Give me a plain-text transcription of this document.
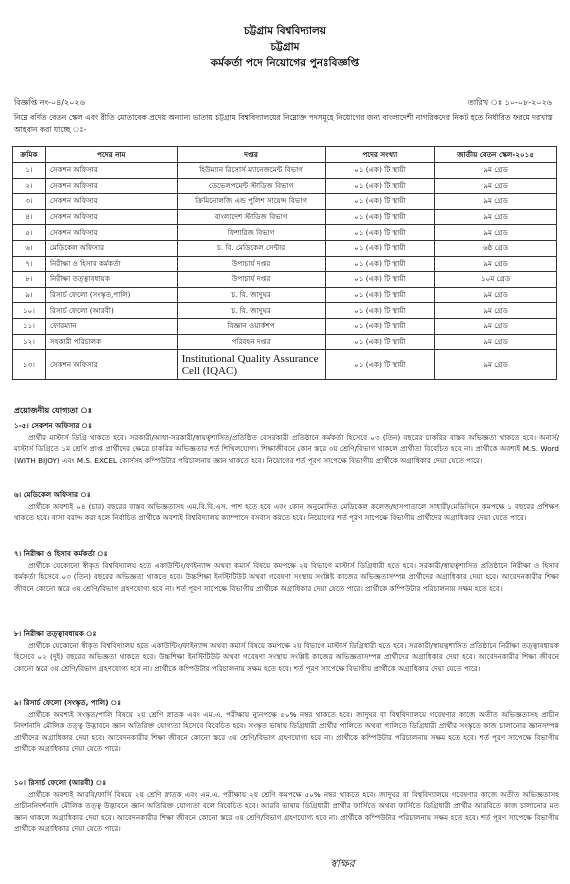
চট্টগ্রাম বিশ্ববিদ্যালয়
চট্টগ্রাম
কর্মকর্তা পদে নিয়োগের পুনঃবিজ্ঞপ্তি
বিজ্ঞপ্তি নং-০৪/২০২৬	তারিখ ঃ ১০-০৮-২০২৬
নিম্নে বর্ণিত বেতন স্কেল এবং রীতি মোতাবেক প্রদেয় অন্যান্য ভাতায় চট্টগ্রাম বিশ্ববিদ্যালয়ের নিম্নোক্ত পদসমূহে নিয়োগের জন্য বাংলাদেশী নাগরিকদের নিকট হতে নির্ধারিত ফরমে দরখাস্ত আহবান করা যাচ্ছে ঃ-
ক্রমিক	পদের নাম	দপ্তর	পদের সংখ্যা	জাতীয় বেতন স্কেল-২০১৫
১।	সেকশন অফিসার	হিউম্যান রিসোর্স ম্যানেজমেন্ট বিভাগ	০১ (এক) টি স্থায়ী	৯ম গ্রেড
২।	সেকশন অফিসার	ডেভেলপমেন্ট স্টাডিজ বিভাগ	০১ (এক) টি স্থায়ী	৯ম গ্রেড
৩।	সেকশন অফিসার	ক্রিমিনোলজি এন্ড পুলিশ সায়েন্স বিভাগ	০১ (এক) টি স্থায়ী	৯ম গ্রেড
৪।	সেকশন অফিসার	বাংলাদেশ স্টাডিজ বিভাগ	০১ (এক) টি স্থায়ী	৯ম গ্রেড
৫।	সেকশন অফিসার	ফিশারিজ বিভাগ	০১ (এক) টি স্থায়ী	৯ম গ্রেড
৬।	মেডিকেল অফিসার	চ. বি. মেডিকেল সেন্টার	০১ (এক) টি স্থায়ী	৬ষ্ঠ গ্রেড
৭।	নিরীক্ষা ও হিসাব কর্মকর্তা	উপাচার্য দপ্তর	০১ (এক) টি স্থায়ী	৯ম গ্রেড
৮।	নিরীক্ষা তত্ত্বাবধায়ক	উপাচার্য দপ্তর	০১ (এক) টি স্থায়ী	১০ম গ্রেড
৯।	রিসার্চ ফেলো (সংস্কৃত,পালি)	চ. বি. জাদুঘর	০১ (এক) টি স্থায়ী	৯ম গ্রেড
১০।	রিসার্চ ফেলো (আরবী)	চ. বি. জাদুঘর	০১ (এক) টি স্থায়ী	৯ম গ্রেড
১১।	ফোরম্যান	বিজ্ঞান ওয়ার্কশপ	০১ (এক) টি স্থায়ী	৯ম গ্রেড
১২।	সহকারী পরিচালক	পরিবহন দপ্তর	০১ (এক) টি স্থায়ী	৯ম গ্রেড
১৩।	সেকশন অফিসার	Institutional Quality Assurance Cell (IQAC)	০১ (এক) টি স্থায়ী	৯ম গ্রেড
প্রয়োজনীয় যোগ্যতা ঃ
১-৫। সেকশন অফিসার ঃ

প্রার্থীর মাস্টার্স ডিগ্রি থাকতে হবে। সরকারী/আধা-সরকারী/স্বায়ত্বশাসিত/প্রতিষ্ঠিত বেসরকারী প্রতিষ্ঠানে কর্মকর্তা হিসেবে ০৩ (তিন) বছরের চাকরির বাস্তব অভিজ্ঞতা থাকতে হবে। অনার্স/মাস্টার্স ডিগ্রিতে ১ম শ্রেণি প্রাপ্ত প্রার্থীদের ক্ষেত্রে চাকরির অভিজ্ঞতার শর্ত শিথিলযোগ্য। শিক্ষাজীবনে কোন স্তরে ৩য় শ্রেণি/বিভাগ থাকলে প্রার্থীতা বিবেচিত হবে না। প্রার্থীকে অবশ্যই M.S. Word (WITH BIJOY) এবং M.S. EXCEL কোর্সসহ কম্পিউটার পরিচালনায় জ্ঞান থাকতে হবে। নিয়োগের শর্ত পূরণ সাপেক্ষে বিভাগীয় প্রার্থীকে অগ্রাধিকার দেয়া যেতে পারে।

৬। মেডিকেল অফিসার ঃ

প্রার্থীকে অবশ্যই ০৪ (চার) বছরের বাস্তব অভিজ্ঞতাসহ এম.বি.বি.এস. পাশ হতে হবে এবং কোন অনুমোদিত মেডিকেল কলেজ/হাসপাতালে সাধারী/মেডিসিনে কমপক্ষে ১ বছরের প্রশিক্ষণ থাকতে হবে। বাসা বরাদ্দ করা হলে নির্বাচিত প্রার্থীকে অবশ্যই বিশ্ববিদ্যালয় ক্যাম্পাসে বসবাস করতে হবে। নিয়োগের শর্ত পূরণ সাপেক্ষে বিভাগীয় প্রার্থীদের অগ্রাধিকার দেয়া যেতে পারে।

৭। নিরীক্ষা ও হিসাব কর্মকর্তা ঃ

প্রার্থীকে যেকোনো স্বীকৃত বিশ্ববিদ্যালয় হতে একাউন্টিং/ফাইন্যান্স অথবা কমার্স বিষয়ে কমপক্ষে ২য় বিভাগে মাস্টার্স ডিগ্রিধারী হতে হবে। সরকারী/স্বায়ত্বশাসিত প্রতিষ্ঠানে নিরীক্ষা ও হিসাব কর্মকর্তা হিসেবে ০৩ (তিন) বছরের অভিজ্ঞতা থাকতে হবে। উচ্চশিক্ষা ইনস্টিটিউট অথবা গবেষণা সংস্থায় সংশ্লিষ্ট কাজের অভিজ্ঞতাসম্পন্ন প্রার্থীদের অগ্রাধিকার দেয়া হবে। আবেদনকারীর শিক্ষা জীবনে কোনো স্তরে ৩য় শ্রেণি/বিভাগ গ্রহণযোগ্য হবে না। শর্ত পূরণ সাপেক্ষে বিভাগীয় প্রার্থীকে অগ্রাধিকার দেয়া যেতে পারে। প্রার্থীকে কম্পিউটার পরিচালনায় সক্ষম হতে হবে।

৮। নিরীক্ষা তত্ত্বাবধায়ক ঃ

প্রার্থীকে যেকোনো স্বীকৃত বিশ্ববিদ্যালয় হতে একাউন্টিং/ফাইন্যান্স অথবা কমার্স বিষয়ে কমপক্ষে ২য় বিভাগে মাস্টার্স ডিগ্রিধারী হতে হবে। সরকারী/স্বায়ত্বশাসিত প্রতিষ্ঠানে নিরীক্ষা তত্ত্বাবধায়ক হিসেবে ০২ (দুই) বছরের অভিজ্ঞতা থাকতে হবে। উচ্চশিক্ষা ইনস্টিটিউট অথবা গবেষণা সংস্থায় সংশ্লিষ্ট কাজের অভিজ্ঞতাসম্পন্ন প্রার্থীদের অগ্রাধিকার দেয়া হবে। আবেদনকারীর শিক্ষা জীবনে কোনো স্তরে ৩য় শ্রেণি/বিভাগ গ্রহণযোগ্য হবে না। প্রার্থীকে কম্পিউটার পরিচালনায় সক্ষম হতে হবে। শর্ত পূরণ সাপেক্ষে বিভাগীয় প্রার্থীকে অগ্রাধিকার দেয়া যেতে পারে।

৯। রিসার্চ ফেলো (সংস্কৃত, পালি) ঃ

প্রার্থীকে অবশ্যই সংস্কৃত/পালি বিষয়ে ২য় শ্রেণি স্নাতক এবং এম.এ. পরীক্ষায় ন্যুনপক্ষে ৫০% নম্বর থাকতে হবে। জাদুঘর বা বিশ্ববিদ্যালয়ে গবেষণার কাজে অতীত অভিজ্ঞতাসহ প্রাচীন নিদর্শনাদি মৌলিক তত্ত্ব উদ্ভাবনে জ্ঞান অতিরিক্ত যোগ্যতা হিসেবে বিবেচিত হবে। সংস্কৃত ভাষায় ডিগ্রিধারী প্রার্থীর পালিতে অথবা পালিতে ডিগ্রিধারী প্রার্থীর সংস্কৃতে কাজ চালানোর জ্ঞানসম্পন্ন প্রার্থীদের অগ্রাধিকার দেয়া হবে। আবেদনকারীর শিক্ষা জীবনে কোনো স্তরে ৩য় শ্রেণি/বিভাগ গ্রহণযোগ্য হবে না। প্রার্থীকে কম্পিউটার পরিচালনায় সক্ষম হতে হবে। শর্ত পূরণ সাপেক্ষে বিভাগীয় প্রার্থীকে অগ্রাধিকার দেয়া যেতে পারে।

১০। রিসার্চ ফেলো (আরবী) ঃ

প্রার্থীকে অবশ্যই আরবি/ফার্সি বিষয়ে ২য় শ্রেণি স্নাতক এবং এম.এ. পরীক্ষায় ২য় শ্রেণি কমপক্ষে ৫০% নম্বর থাকতে হবে। জাদুঘর বা বিশ্ববিদ্যালয়ে গবেষণার কাজে অতীত অভিজ্ঞতাসহ প্রাচীননিদর্শনাদি মৌলিক তত্ত্ব উদ্ভাবনে জ্ঞান অতিরিক্ত যোগ্যতা বলে বিবেচিত হবে। আরবি ভাষায় ডিগ্রিধারী প্রার্থীর ফার্সিতে অথবা ফার্সিতে ডিগ্রিধারী প্রার্থীর আরবিতে কাজ চালানোর মত জ্ঞান থাকলে অগ্রাধিকার দেয়া হবে। আবেদনকারীর শিক্ষা জীবনে কোনো স্তরে ৩য় শ্রেণি/বিভাগ গ্রহণযোগ্য হবে না। প্রার্থীকে কম্পিউটার পরিচালনায় সক্ষম হতে হবে। শর্ত পূরণ সাপেক্ষে বিভাগীয় প্রার্থীকে অগ্রাধিকার দেয়া যেতে পারে।

স্বাক্ষর
